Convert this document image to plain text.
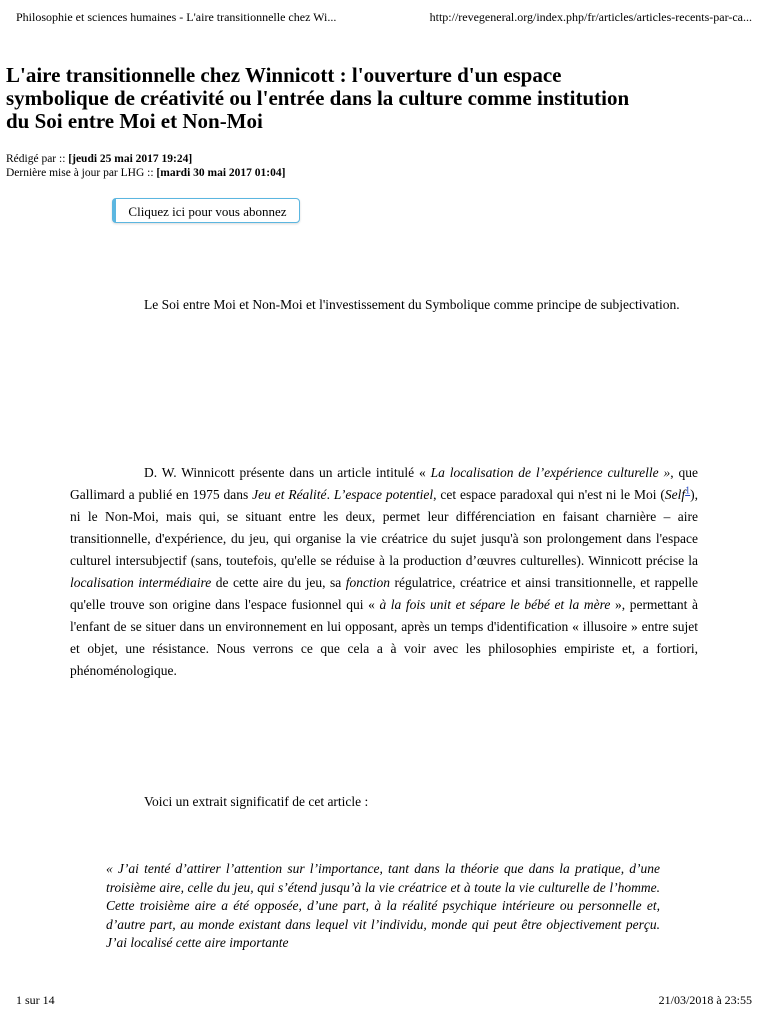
Philosophie et sciences humaines - L'aire transitionnelle chez Wi...	http://revegeneral.org/index.php/fr/articles/articles-recents-par-ca...
L'aire transitionnelle chez Winnicott : l'ouverture d'un espace symbolique de créativité ou l'entrée dans la culture comme institution du Soi entre Moi et Non-Moi
Rédigé par :: [jeudi 25 mai 2017 19:24]
Dernière mise à jour par LHG :: [mardi 30 mai 2017 01:04]
Cliquez ici pour vous abonnez

Le Soi entre Moi et Non-Moi et l'investissement du Symbolique comme principe de subjectivation.

D. W. Winnicott présente dans un article intitulé « La localisation de l’expérience culturelle », que Gallimard a publié en 1975 dans Jeu et Réalité. L’espace potentiel, cet espace paradoxal qui n'est ni le Moi (Self$^1$), ni le Non-Moi, mais qui, se situant entre les deux, permet leur différenciation en faisant charnière – aire transitionnelle, d'expérience, du jeu, qui organise la vie créatrice du sujet jusqu'à son prolongement dans l'espace culturel intersubjectif (sans, toutefois, qu'elle se réduise à la production d’œuvres culturelles). Winnicott précise la localisation intermédiaire de cette aire du jeu, sa fonction régulatrice, créatrice et ainsi transitionnelle, et rappelle qu'elle trouve son origine dans l'espace fusionnel qui « à la fois unit et sépare le bébé et la mère », permettant à l'enfant de se situer dans un environnement en lui opposant, après un temps d'identification « illusoire » entre sujet et objet, une résistance. Nous verrons ce que cela a à voir avec les philosophies empiriste et, a fortiori, phénoménologique.

Voici un extrait significatif de cet article :

« J’ai tenté d’attirer l’attention sur l’importance, tant dans la théorie que dans la pratique, d’une troisième aire, celle du jeu, qui s’étend jusqu’à la vie créatrice et à toute la vie culturelle de l’homme. Cette troisième aire a été opposée, d’une part, à la réalité psychique intérieure ou personnelle et, d’autre part, au monde existant dans lequel vit l’individu, monde qui peut être objectivement perçu. J’ai localisé cette aire importante

1 sur 14	21/03/2018 à 23:55
